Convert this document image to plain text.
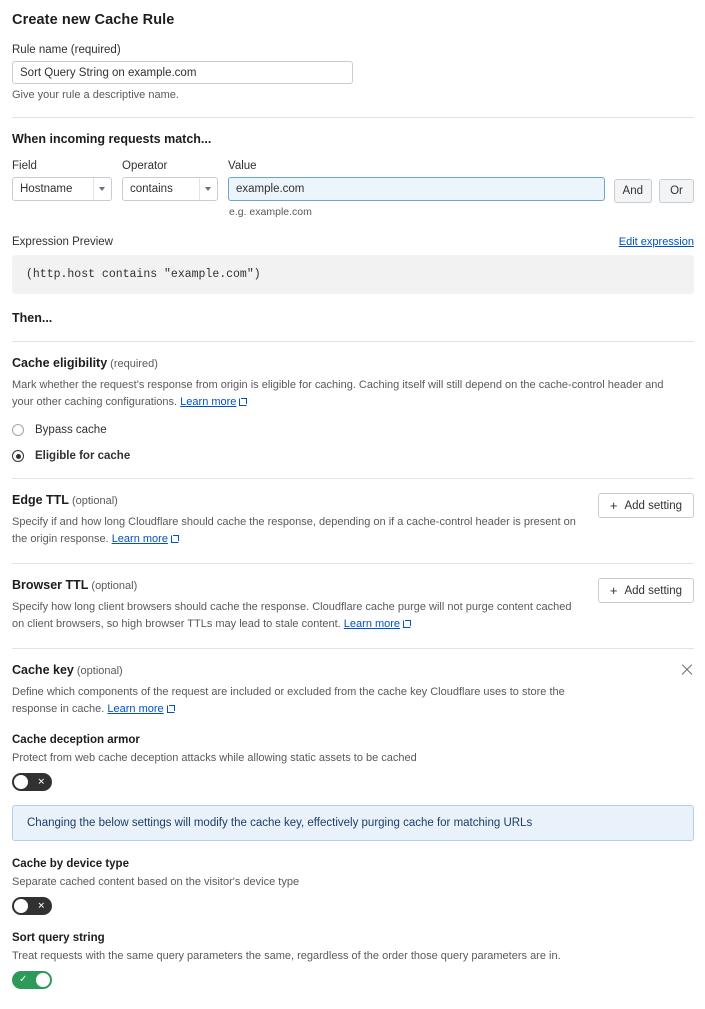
Create new Cache Rule
Rule name (required)
Sort Query String on example.com
Give your rule a descriptive name.
When incoming requests match...
Field
Hostname
Operator
contains
Value
example.com
e.g. example.com
And	Or
Expression Preview	Edit expression
(http.host contains "example.com")
Then...
Cache eligibility (required)
Mark whether the request's response from origin is eligible for caching. Caching itself will still depend on the cache-control header and your other caching configurations. Learn more
Bypass cache
Eligible for cache
Edge TTL (optional)
Specify if and how long Cloudflare should cache the response, depending on if a cache-control header is present on the origin response. Learn more
+ Add setting
Browser TTL (optional)
Specify how long client browsers should cache the response. Cloudflare cache purge will not purge content cached on client browsers, so high browser TTLs may lead to stale content. Learn more
+ Add setting
Cache key (optional)
Define which components of the request are included or excluded from the cache key Cloudflare uses to store the response in cache. Learn more
Cache deception armor
Protect from web cache deception attacks while allowing static assets to be cached
✕
Changing the below settings will modify the cache key, effectively purging cache for matching URLs
Cache by device type
Separate cached content based on the visitor's device type
✕
Sort query string
Treat requests with the same query parameters the same, regardless of the order those query parameters are in.
✓
